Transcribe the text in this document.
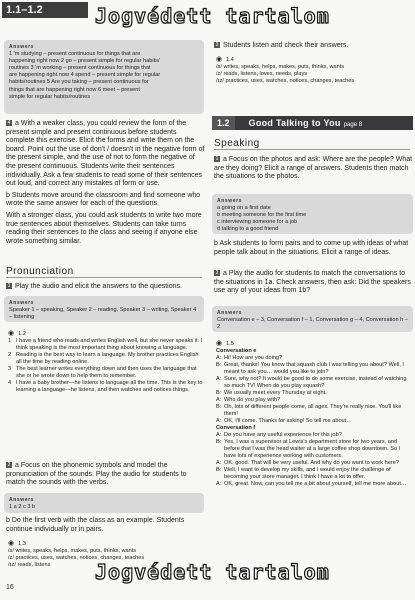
1.1–1.2
Answers
1 'm studying – present continuous for things that are
happening right now 2 go – present simple for regular habits/
routines 3 'm working – present continuous for things that
are happening right now 4 spend – present simple for regular
habits/routines 5 Are you taking – present continuous for
things that are happening right now 6 meet – present
simple for regular habits/routines
4 a With a weaker class, you could review the form of the present simple and present continuous before students complete this exercise. Elicit the forms and write them on the board. Point out the use of don't / doesn't in the negative form of the present simple, and the use of not to form the negative of the present continuous. Students write their sentences individually. Ask a few students to read some of their sentences out loud, and correct any mistakes of form or use.
b Students move around the classroom and find someone who wrote the same answer for each of the questions.
With a stronger class, you could ask students to write two more true sentences about themselves. Students can take turns reading their sentences to the class and seeing if anyone else wrote something similar.
Pronunciation
1 Play the audio and elicit the answers to the questions.
Answers
Speaker 1 – speaking, Speaker 2 – reading, Speaker 3 – writing, Speaker 4 – listening
◉ 1.2
1 I have a friend who reads and writes English well, but she never speaks it. I think speaking is the most important thing about knowing a language.
2 Reading is the best way to learn a language. My brother practices English all the time by reading online.
3 The best learner writes everything down and then uses the language that she or he wrote down to help them to remember.
4 I have a baby brother—he listens to language all the time. This is the key to learning a language—he listens, and then watches and notices things.
2 a Focus on the phonemic symbols and model the pronunciation of the sounds. Play the audio for students to match the sounds with the verbs.
Answers
1 a 2 c 3 b
b Do the first verb with the class as an example. Students continue individually or in pairs.
◉ 1.3
/s/ writes, speaks, helps, makes, puts, thinks, wants
/z/ practices, uses, watches, notices, changes, teaches
/ɪz/ reads, listens
3 Students listen and check their answers.
◉ 1.4
/s/ writes, speaks, helps, makes, puts, thinks, wants
/z/ reads, listens, loves, needs, plays
/ɪz/ practices, uses, watches, notices, changes, teaches
1.2 Good Talking to You page 8
Speaking
1 a Focus on the photos and ask: Where are the people? What are they doing? Elicit a range of answers. Students then match the situations to the photos.
Answers
a going on a first date
b meeting someone for the first time
c interviewing someone for a job
d talking to a good friend
b Ask students to form pairs and to come up with ideas of what people talk about in the situations. Elicit a range of ideas.
2 a Play the audio for students to match the conversations to the situations in 1a. Check answers, then ask: Did the speakers use any of your ideas from 1b?
Answers
Conversation e – 3, Conversation f – 1, Conversation g – 4, Conversation h – 2
◉ 1.5
Conversation e
A: Hi! How are you doing?
B: Great, thanks! You know that squash club I was telling you about? Well, I meant to ask you… would you like to join?
A: Sure, why not? It would be good to do some exercise, instead of watching so much TV! When do you play squash?
B: We usually meet every Thursday at eight.
A: Who do you play with?
B: Oh, lots of different people come, all ages. They're really nice. You'll like them!
A: OK, I'll come. Thanks for asking! So tell me about…
Conversation f
A: Do you have any useful experience for this job?
B: Yes, I was a supervisor at Lewis's department store for two years, and before that I was the head waiter at a large coffee shop downtown. So I have lots of experience working with customers.
A: OK, good. That will be very useful. And why do you want to work here?
B: Well, I want to develop my skills, and I would enjoy the challenge of becoming your store manager. I think I have a lot to offer.
A: OK, great. Now, can you tell me a bit about yourself, tell me more about…
Jogvédett tartalom
Jogvédett tartalom
16
